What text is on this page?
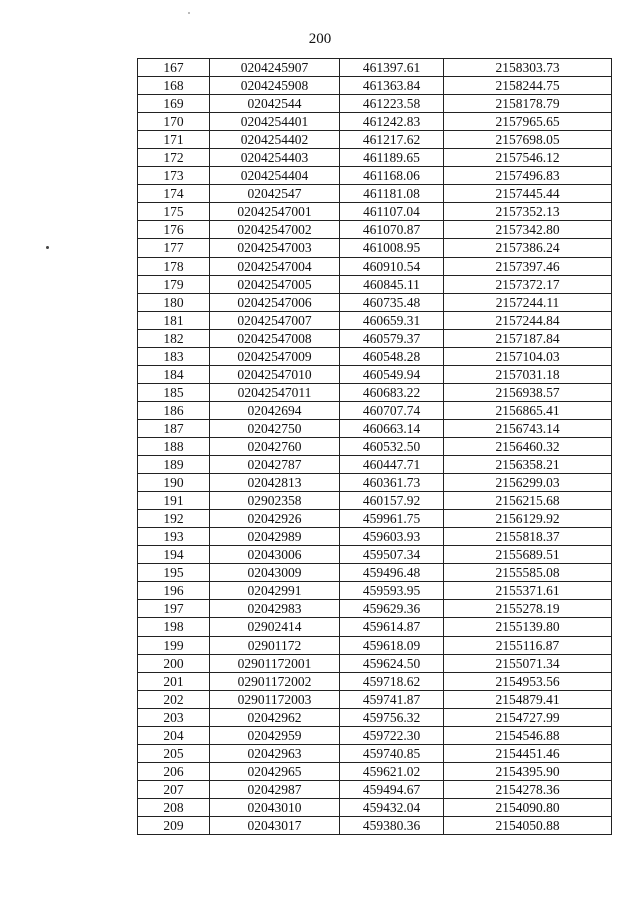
200
167	0204245907	461397.61	2158303.73
168	0204245908	461363.84	2158244.75
169	02042544	461223.58	2158178.79
170	0204254401	461242.83	2157965.65
171	0204254402	461217.62	2157698.05
172	0204254403	461189.65	2157546.12
173	0204254404	461168.06	2157496.83
174	02042547	461181.08	2157445.44
175	02042547001	461107.04	2157352.13
176	02042547002	461070.87	2157342.80
177	02042547003	461008.95	2157386.24
178	02042547004	460910.54	2157397.46
179	02042547005	460845.11	2157372.17
180	02042547006	460735.48	2157244.11
181	02042547007	460659.31	2157244.84
182	02042547008	460579.37	2157187.84
183	02042547009	460548.28	2157104.03
184	02042547010	460549.94	2157031.18
185	02042547011	460683.22	2156938.57
186	02042694	460707.74	2156865.41
187	02042750	460663.14	2156743.14
188	02042760	460532.50	2156460.32
189	02042787	460447.71	2156358.21
190	02042813	460361.73	2156299.03
191	02902358	460157.92	2156215.68
192	02042926	459961.75	2156129.92
193	02042989	459603.93	2155818.37
194	02043006	459507.34	2155689.51
195	02043009	459496.48	2155585.08
196	02042991	459593.95	2155371.61
197	02042983	459629.36	2155278.19
198	02902414	459614.87	2155139.80
199	02901172	459618.09	2155116.87
200	02901172001	459624.50	2155071.34
201	02901172002	459718.62	2154953.56
202	02901172003	459741.87	2154879.41
203	02042962	459756.32	2154727.99
204	02042959	459722.30	2154546.88
205	02042963	459740.85	2154451.46
206	02042965	459621.02	2154395.90
207	02042987	459494.67	2154278.36
208	02043010	459432.04	2154090.80
209	02043017	459380.36	2154050.88
